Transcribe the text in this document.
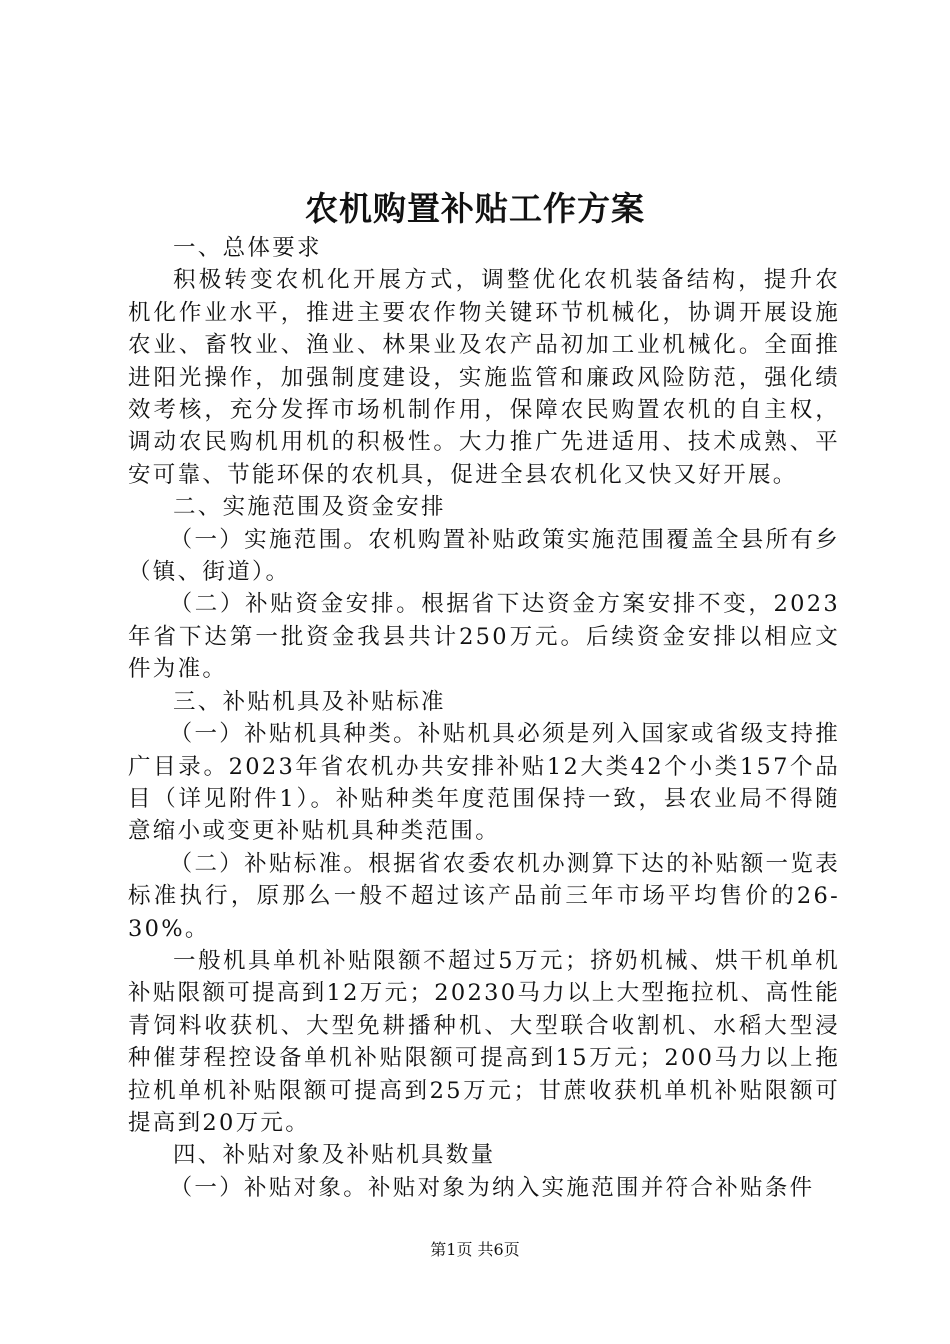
农机购置补贴工作方案

一、总体要求

积极转变农机化开展方式，调整优化农机装备结构，提升农机化作业水平，推进主要农作物关键环节机械化，协调开展设施农业、畜牧业、渔业、林果业及农产品初加工业机械化。全面推进阳光操作，加强制度建设，实施监管和廉政风险防范，强化绩效考核，充分发挥市场机制作用，保障农民购置农机的自主权，调动农民购机用机的积极性。大力推广先进适用、技术成熟、平安可靠、节能环保的农机具，促进全县农机化又快又好开展。

二、实施范围及资金安排

（一）实施范围。农机购置补贴政策实施范围覆盖全县所有乡（镇、街道）。

（二）补贴资金安排。根据省下达资金方案安排不变，2023年省下达第一批资金我县共计250万元。后续资金安排以相应文件为准。

三、补贴机具及补贴标准

（一）补贴机具种类。补贴机具必须是列入国家或省级支持推广目录。2023年省农机办共安排补贴12大类42个小类157个品目（详见附件1）。补贴种类年度范围保持一致，县农业局不得随意缩小或变更补贴机具种类范围。

（二）补贴标准。根据省农委农机办测算下达的补贴额一览表标准执行，原那么一般不超过该产品前三年市场平均售价的26-30%。

一般机具单机补贴限额不超过5万元；挤奶机械、烘干机单机补贴限额可提高到12万元；20230马力以上大型拖拉机、高性能青饲料收获机、大型免耕播种机、大型联合收割机、水稻大型浸种催芽程控设备单机补贴限额可提高到15万元；200马力以上拖拉机单机补贴限额可提高到25万元；甘蔗收获机单机补贴限额可提高到20万元。

四、补贴对象及补贴机具数量

（一）补贴对象。补贴对象为纳入实施范围并符合补贴条件

第1页 共6页
